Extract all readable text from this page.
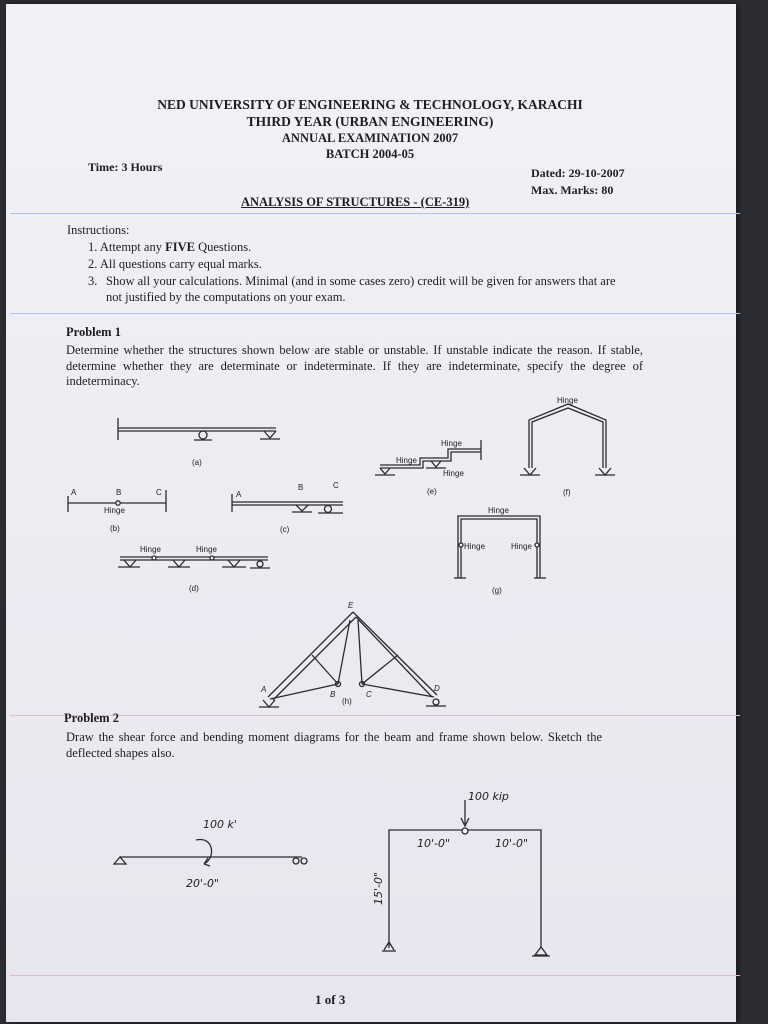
NED UNIVERSITY OF ENGINEERING & TECHNOLOGY, KARACHI
THIRD YEAR (URBAN ENGINEERING)
ANNUAL EXAMINATION 2007
BATCH 2004-05
Time: 3 Hours	Dated: 29-10-2007
Max. Marks: 80
ANALYSIS OF STRUCTURES - (CE-319)
Instructions:
1. Attempt any FIVE Questions.
2. All questions carry equal marks.
3. Show all your calculations. Minimal (and in some cases zero) credit will be given for answers that are not justified by the computations on your exam.
Problem 1
Determine whether the structures shown below are stable or unstable. If unstable indicate the reason. If stable, determine whether they are determinate or indeterminate. If they are indeterminate, specify the degree of indeterminacy.
(a)
A	B	C
Hinge
(b)
A
B	C
(c)
Hinge	Hinge
(d)
Hinge
Hinge
Hinge
(e)
Hinge
(f)
Hinge
Hinge	Hinge
(g)
E
A
B	C
D
(h)
100 k'
20'-0"
100 kip
10'-0"	10'-0"
15'-0"
Problem 2
Draw the shear force and bending moment diagrams for the beam and frame shown below. Sketch the deflected shapes also.
1 of 3
